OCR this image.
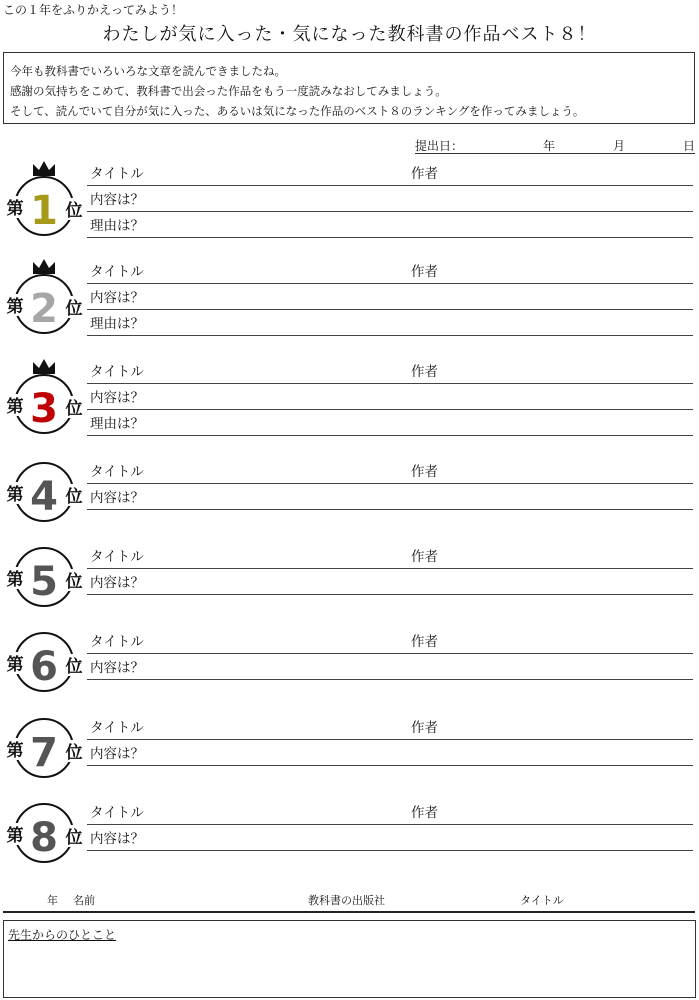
この１年をふりかえってみよう！
わたしが気に入った・気になった教科書の作品ベスト８！
今年も教科書でいろいろな文章を読んできましたね。
感謝の気持ちをこめて、教科書で出会った作品をもう一度読みなおしてみましょう。
そして、読んでいて自分が気に入った、あるいは気になった作品のベスト８のランキングを作ってみましょう。
提出日：	年	月	日
第 1 位
タイトル	作者
内容は？
理由は？
第 2 位
タイトル	作者
内容は？
理由は？
第 3 位
タイトル	作者
内容は？
理由は？
第 4 位
タイトル	作者
内容は？
第 5 位
タイトル	作者
内容は？
第 6 位
タイトル	作者
内容は？
第 7 位
タイトル	作者
内容は？
第 8 位
タイトル	作者
内容は？
年 名前	教科書の出版社	タイトル
先生からのひとこと
